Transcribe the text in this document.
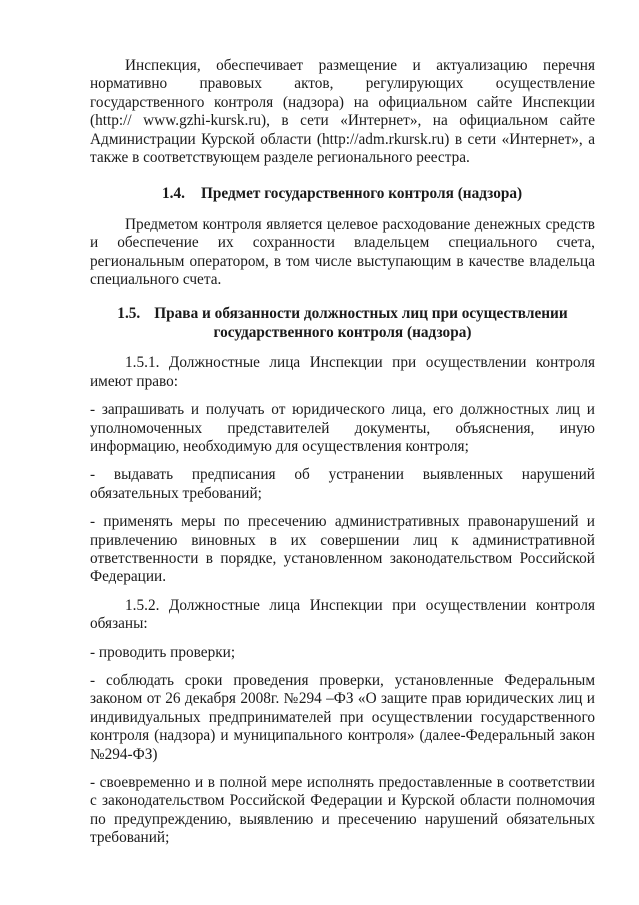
Инспекция, обеспечивает размещение и актуализацию перечня нормативно правовых актов, регулирующих осуществление государственного контроля (надзора) на официальном сайте Инспекции (http:// www.gzhi-kursk.ru), в сети «Интернет», на официальном сайте Администрации Курской области (http://adm.rkursk.ru) в сети «Интернет», а также в соответствующем разделе регионального реестра.

1.4. Предмет государственного контроля (надзора)

Предметом контроля является целевое расходование денежных средств и обеспечение их сохранности владельцем специального счета, региональным оператором, в том числе выступающим в качестве владельца специального счета.

1.5. Права и обязанности должностных лиц при осуществлении
государственного контроля (надзора)

1.5.1. Должностные лица Инспекции при осуществлении контроля имеют право:

- запрашивать и получать от юридического лица, его должностных лиц и уполномоченных представителей документы, объяснения, иную информацию, необходимую для осуществления контроля;

- выдавать предписания об устранении выявленных нарушений обязательных требований;

- применять меры по пресечению административных правонарушений и привлечению виновных в их совершении лиц к административной ответственности в порядке, установленном законодательством Российской Федерации.

1.5.2. Должностные лица Инспекции при осуществлении контроля обязаны:

- проводить проверки;

- соблюдать сроки проведения проверки, установленные Федеральным законом от 26 декабря 2008г. №294 –ФЗ «О защите прав юридических лиц и индивидуальных предпринимателей при осуществлении государственного контроля (надзора) и муниципального контроля» (далее-Федеральный закон №294-ФЗ)

- своевременно и в полной мере исполнять предоставленные в соответствии с законодательством Российской Федерации и Курской области полномочия по предупреждению, выявлению и пресечению нарушений обязательных требований;
